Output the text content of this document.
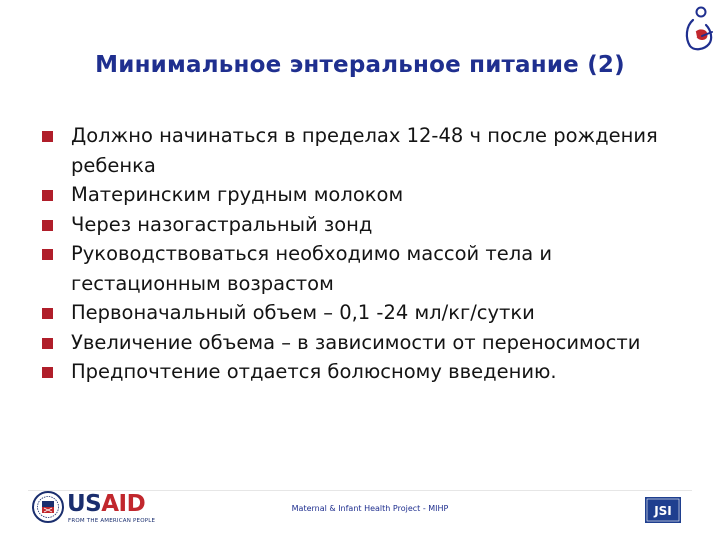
Минимальное энтеральное питание (2)
Должно начинаться в пределах 12-48 ч после рождения ребенка
Материнским грудным молоком
Через назогастральный зонд
Руководствоваться необходимо массой тела и гестационным возрастом
Первоначальный объем – 0,1 -24 мл/кг/сутки
Увеличение объема – в зависимости от переносимости
Предпочтение отдается болюсному введению.
USAID
FROM THE AMERICAN PEOPLE
Maternal & Infant Health Project - MIHP	JSI
